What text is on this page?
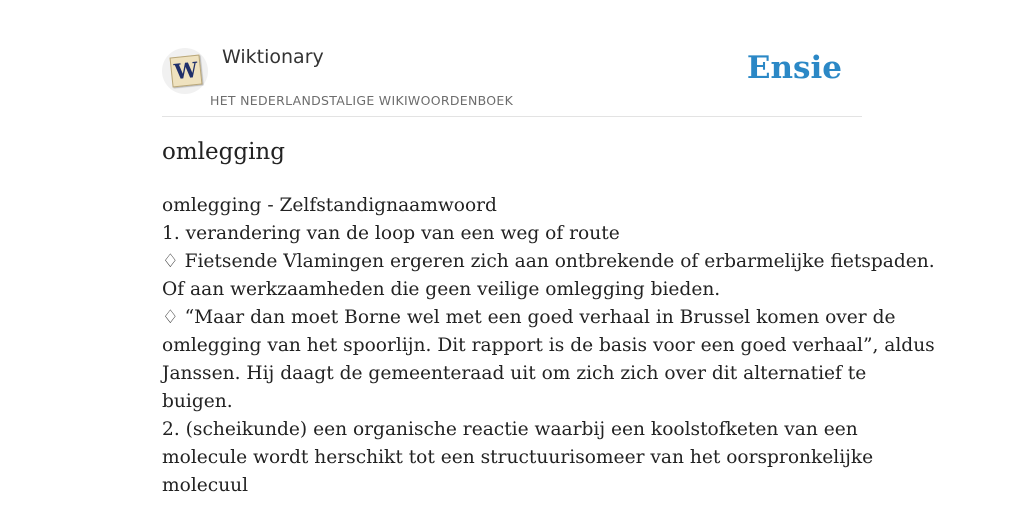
W Wiktionary
HET NEDERLANDSTALIGE WIKIWOORDENBOEK
Ensie
omlegging
omlegging - Zelfstandignaamwoord
1. verandering van de loop van een weg of route
♢ Fietsende Vlamingen ergeren zich aan ontbrekende of erbarmelijke fietspaden.
Of aan werkzaamheden die geen veilige omlegging bieden.
♢ “Maar dan moet Borne wel met een goed verhaal in Brussel komen over de
omlegging van het spoorlijn. Dit rapport is de basis voor een goed verhaal”, aldus
Janssen. Hij daagt de gemeenteraad uit om zich zich over dit alternatief te
buigen.
2. (scheikunde) een organische reactie waarbij een koolstofketen van een
molecule wordt herschikt tot een structuurisomeer van het oorspronkelijke
molecuul
